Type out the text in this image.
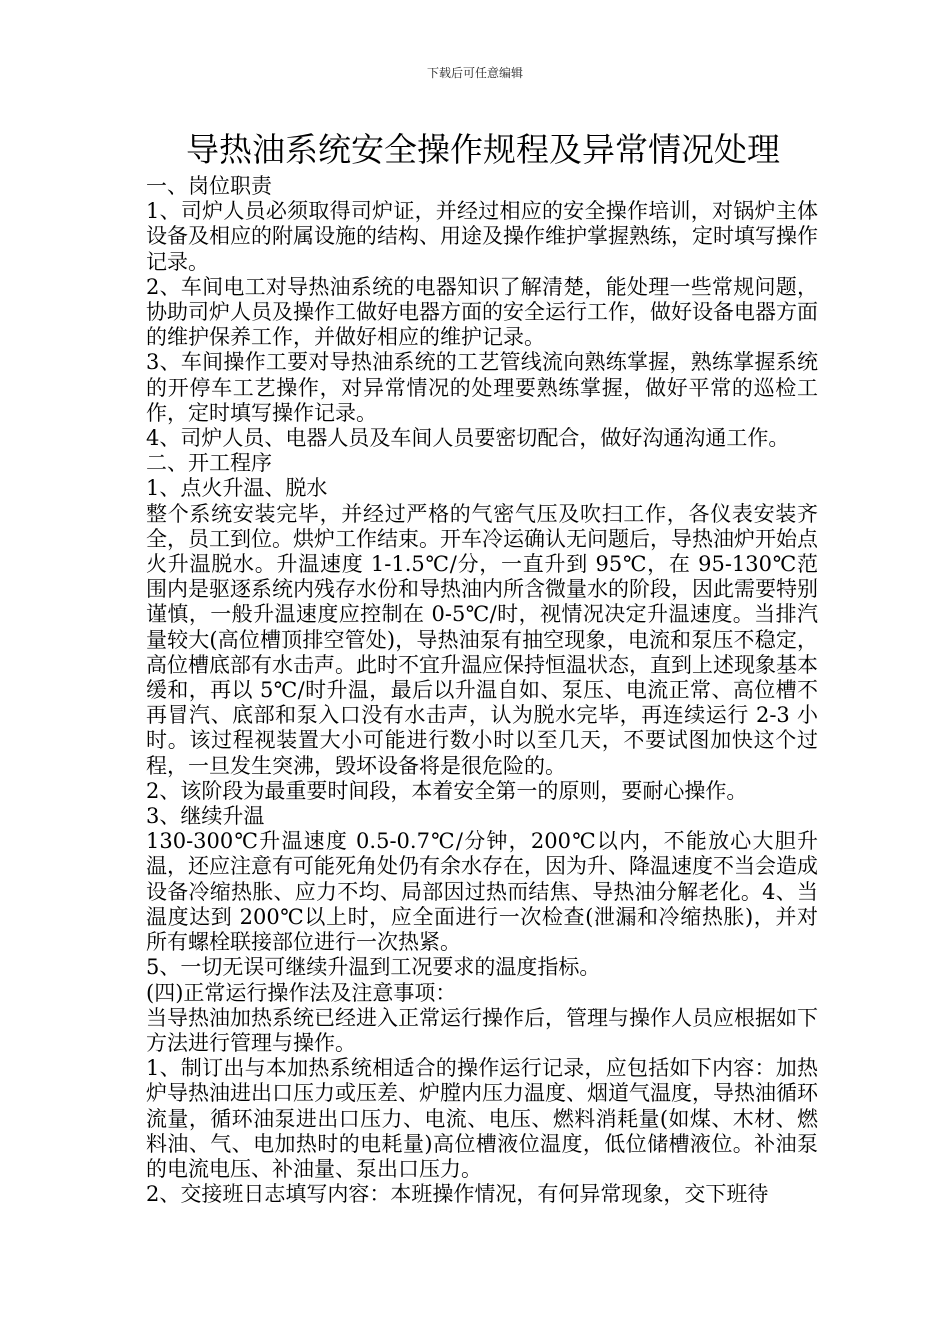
下载后可任意编辑
导热油系统安全操作规程及异常情况处理

一、岗位职责

1、司炉人员必须取得司炉证，并经过相应的安全操作培训，对锅炉主体设备及相应的附属设施的结构、用途及操作维护掌握熟练，定时填写操作记录。

2、车间电工对导热油系统的电器知识了解清楚，能处理一些常规问题，协助司炉人员及操作工做好电器方面的安全运行工作，做好设备电器方面的维护保养工作，并做好相应的维护记录。

3、车间操作工要对导热油系统的工艺管线流向熟练掌握，熟练掌握系统的开停车工艺操作，对异常情况的处理要熟练掌握，做好平常的巡检工作，定时填写操作记录。

4、司炉人员、电器人员及车间人员要密切配合，做好沟通沟通工作。

二、开工程序

1、点火升温、脱水

整个系统安装完毕，并经过严格的气密气压及吹扫工作，各仪表安装齐全，员工到位。烘炉工作结束。开车冷运确认无问题后，导热油炉开始点火升温脱水。升温速度 1-1.5℃/分，一直升到 95℃，在 95-130℃范围内是驱逐系统内残存水份和导热油内所含微量水的阶段，因此需要特别谨慎，一般升温速度应控制在 0-5℃/时，视情况决定升温速度。当排汽量较大(高位槽顶排空管处)，导热油泵有抽空现象，电流和泵压不稳定，高位槽底部有水击声。此时不宜升温应保持恒温状态，直到上述现象基本缓和，再以 5℃/时升温，最后以升温自如、泵压、电流正常、高位槽不再冒汽、底部和泵入口没有水击声，认为脱水完毕，再连续运行 2-3 小时。该过程视装置大小可能进行数小时以至几天，不要试图加快这个过程，一旦发生突沸，毁坏设备将是很危险的。

2、该阶段为最重要时间段，本着安全第一的原则，要耐心操作。

3、继续升温

130-300℃升温速度 0.5-0.7℃/分钟，200℃以内，不能放心大胆升温，还应注意有可能死角处仍有余水存在，因为升、降温速度不当会造成设备冷缩热胀、应力不均、局部因过热而结焦、导热油分解老化。4、当温度达到 200℃以上时，应全面进行一次检查(泄漏和冷缩热胀)，并对所有螺栓联接部位进行一次热紧。

5、一切无误可继续升温到工况要求的温度指标。

(四)正常运行操作法及注意事项：

当导热油加热系统已经进入正常运行操作后，管理与操作人员应根据如下方法进行管理与操作。

1、制订出与本加热系统相适合的操作运行记录，应包括如下内容：加热炉导热油进出口压力或压差、炉膛内压力温度、烟道气温度，导热油循环流量，循环油泵进出口压力、电流、电压、燃料消耗量(如煤、木材、燃料油、气、电加热时的电耗量)高位槽液位温度，低位储槽液位。补油泵的电流电压、补油量、泵出口压力。

2、交接班日志填写内容：本班操作情况，有何异常现象，交下班待
